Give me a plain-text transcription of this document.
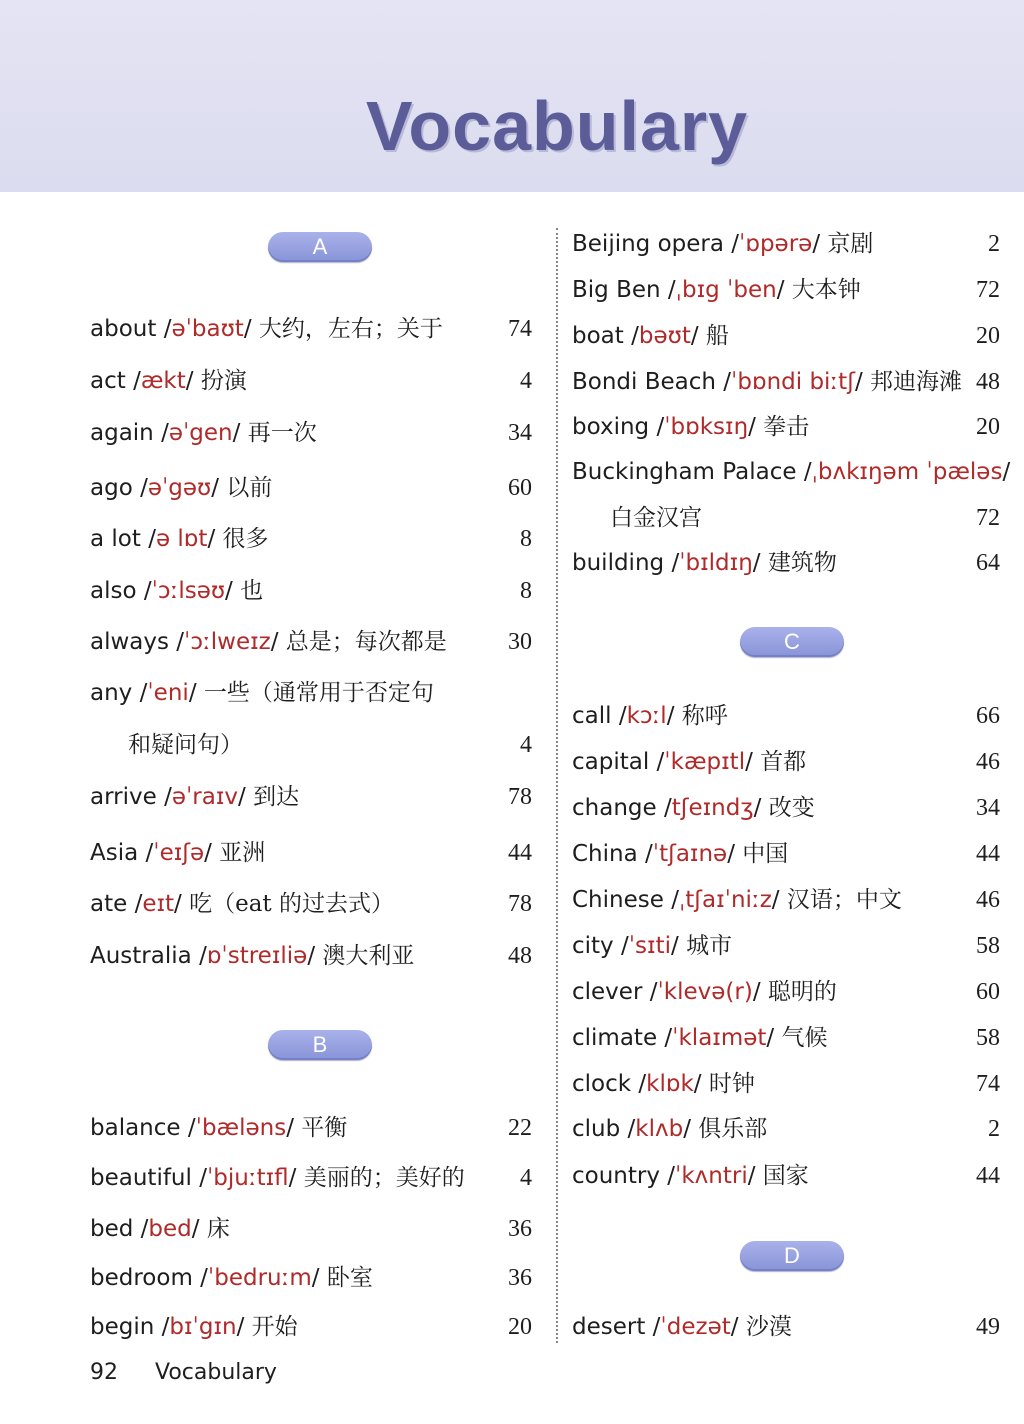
Vocabulary
A
about /əˈbaʊt/ 大约，左右；关于	74
act /ækt/ 扮演	4
again /əˈgen/ 再一次	34
ago /əˈgəʊ/ 以前	60
a lot /ə lɒt/ 很多	8
also /ˈɔːlsəʊ/ 也	8
always /ˈɔːlweɪz/ 总是；每次都是	30
any /ˈeni/ 一些（通常用于否定句
和疑问句）	4
arrive /əˈraɪv/ 到达	78
Asia /ˈeɪʃə/ 亚洲	44
ate /eɪt/ 吃（eat 的过去式）	78
Australia /ɒˈstreɪliə/ 澳大利亚	48
B
balance /ˈbæləns/ 平衡	22
beautiful /ˈbjuːtɪfl/ 美丽的；美好的 4
bed /bed/ 床	36
bedroom /ˈbedruːm/ 卧室	36
begin /bɪˈgɪn/ 开始	20
Beijing opera /ˈɒpərə/ 京剧	2
Big Ben /ˌbɪg ˈben/ 大本钟	72
boat /bəʊt/ 船	20
Bondi Beach /ˈbɒndi biːtʃ/ 邦迪海滩 48
boxing /ˈbɒksɪŋ/ 拳击	20
Buckingham Palace /ˌbʌkɪŋəm ˈpæləs/
白金汉宫	72
building /ˈbɪldɪŋ/ 建筑物	64
C
call /kɔːl/ 称呼	66
capital /ˈkæpɪtl/ 首都	46
change /tʃeɪndʒ/ 改变	34
China /ˈtʃaɪnə/ 中国	44
Chinese /ˌtʃaɪˈniːz/ 汉语；中文	46
city /ˈsɪti/ 城市	58
clever /ˈklevə(r)/ 聪明的	60
climate /ˈklaɪmət/ 气候	58
clock /klɒk/ 时钟	74
club /klʌb/ 俱乐部	2
country /ˈkʌntri/ 国家	44
D
desert /ˈdezət/ 沙漠	49
92 Vocabulary
